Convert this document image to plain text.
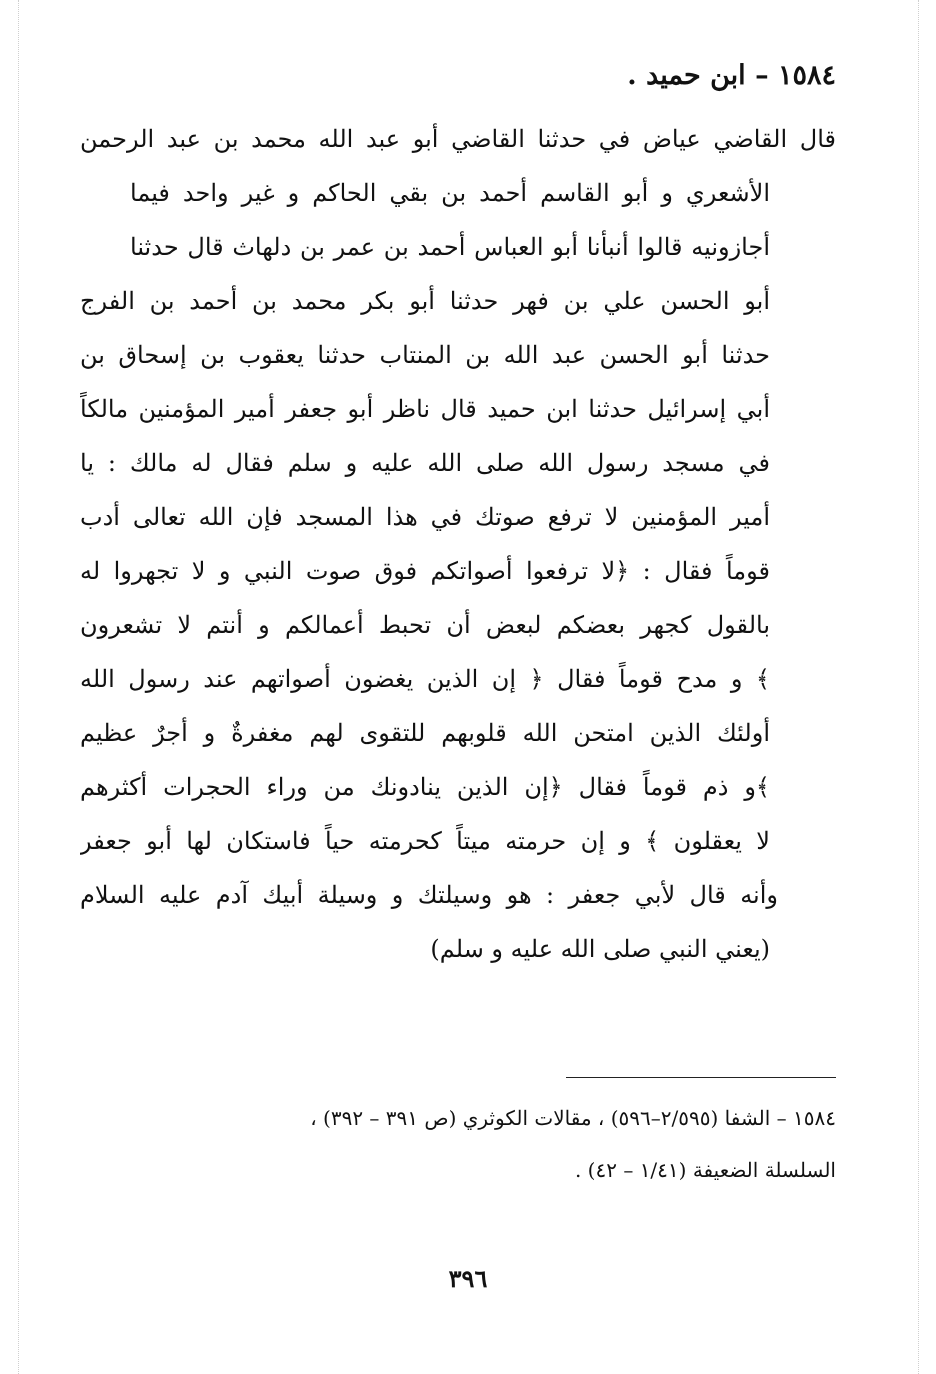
١٥٨٤ – ابن حميد .
قال القاضي عياض في حدثنا القاضي أبو عبد الله محمد بن عبد الرحمن
الأشعري و أبو القاسم أحمد بن بقي الحاكم و غير واحد فيما
أجازونيه قالوا أنبأنا أبو العباس أحمد بن عمر بن دلهاث قال حدثنا
أبو الحسن علي بن فهر حدثنا أبو بكر محمد بن أحمد بن الفرج
حدثنا أبو الحسن عبد الله بن المنتاب حدثنا يعقوب بن إسحاق بن
أبي إسرائيل حدثنا ابن حميد قال ناظر أبو جعفر أمير المؤمنين مالكاً
في مسجد رسول الله صلى الله عليه و سلم فقال له مالك : يا
أمير المؤمنين لا ترفع صوتك في هذا المسجد فإن الله تعالى أدب
قوماً فقال : ﴿لا ترفعوا أصواتكم فوق صوت النبي و لا تجهروا له
بالقول كجهر بعضكم لبعض أن تحبط أعمالكم و أنتم لا تشعرون
﴾ و مدح قوماً فقال ﴿ إن الذين يغضون أصواتهم عند رسول الله
أولئك الذين امتحن الله قلوبهم للتقوى لهم مغفرةٌ و أجرٌ عظيم
﴾و ذم قوماً فقال ﴿إن الذين ينادونك من وراء الحجرات أكثرهم
لا يعقلون ﴾ و إن حرمته ميتاً كحرمته حياً فاستكان لها أبو جعفر
وأنه قال لأبي جعفر : هو وسيلتك و وسيلة أبيك آدم عليه السلام
(يعني النبي صلى الله عليه و سلم)
١٥٨٤ – الشفا (٢/٥٩٥–٥٩٦) ، مقالات الكوثري (ص ٣٩١ – ٣٩٢) ،
السلسلة الضعيفة (١/٤١ – ٤٢) .
٣٩٦
